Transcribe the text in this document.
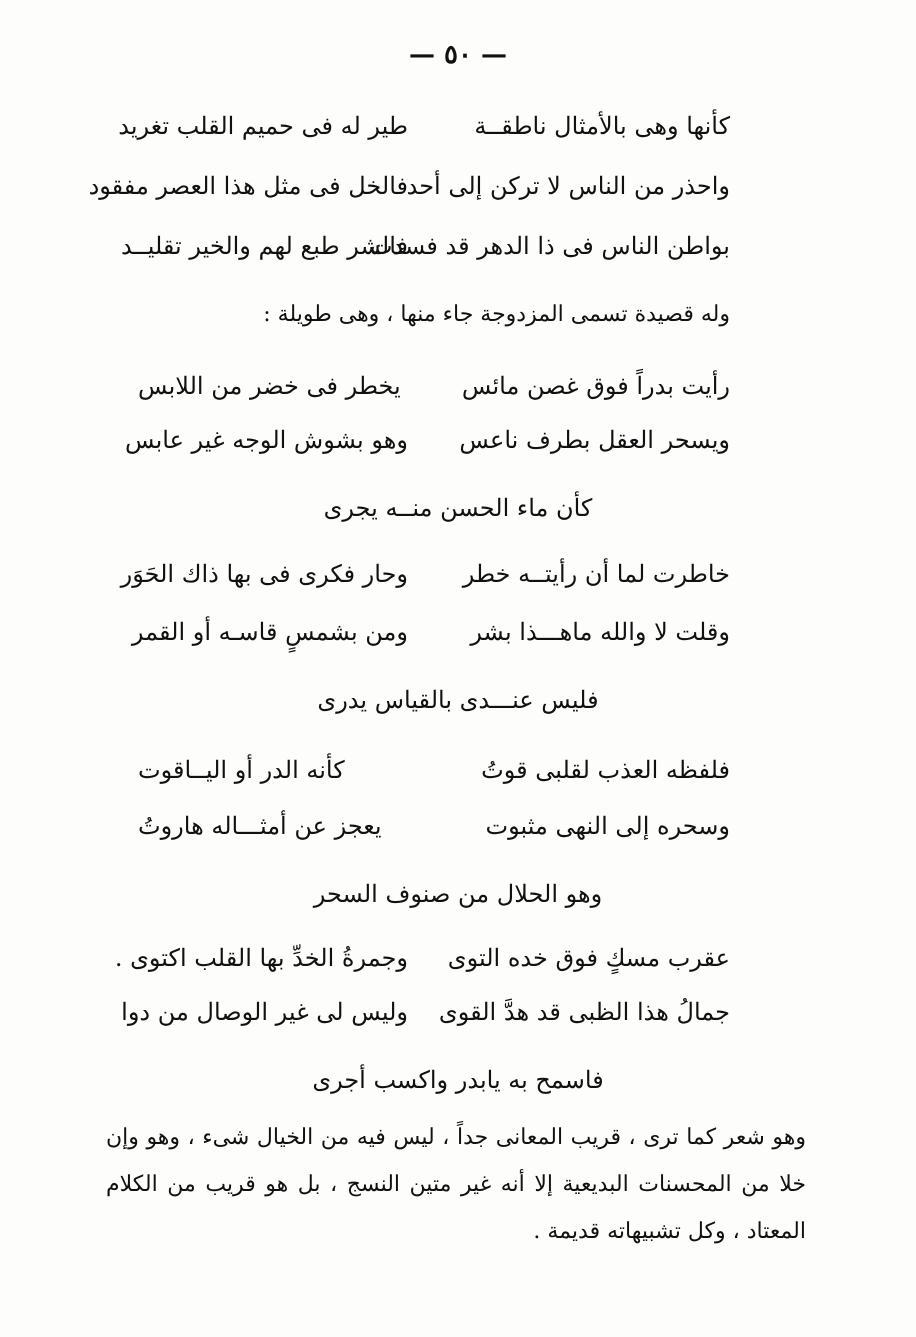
— ٥٠ —
كأنها وهى بالأمثال ناطقــة
طير له فى حميم القلب تغريد
واحذر من الناس لا تركن إلى أحد
فالخل فى مثل هذا العصر مفقود
بواطن الناس فى ذا الدهر قد فسدت
فالشر طبع لهم والخير تقليــد
وله قصيدة تسمى المزدوجة جاء منها ، وهى طويلة :
رأيت بدراً فوق غصن مائس
يخطر فى خضر من اللابس
ويسحر العقل بطرف ناعس
وهو بشوش الوجه غير عابس
كأن ماء الحسن منــه يجرى
خاطرت لما أن رأيتــه خطر
وحار فكرى فى بها ذاك الحَوَر
وقلت لا والله ماهـــذا بشر
ومن بشمسٍ قاسـه أو القمر
فليس عنـــدى بالقياس يدرى
فلفظه العذب لقلبى قوتُ
كأنه الدر أو اليــاقوت
وسحره إلى النهى مثبوت
يعجز عن أمثـــاله هاروتُ
وهو الحلال من صنوف السحر
عقرب مسكٍ فوق خده التوى
وجمرةُ الخدِّ بها القلب اكتوى .
جمالُ هذا الظبى قد هدَّ القوى
وليس لى غير الوصال من دوا
فاسمح به يابدر واكسب أجرى
وهو شعر كما ترى ، قريب المعانى جداً ، ليس فيه من الخيال شىء ، وهو وإن خلا من المحسنات البديعية إلا أنه غير متين النسج ، بل هو قريب من الكلام المعتاد ، وكل تشبيهاته قديمة .
